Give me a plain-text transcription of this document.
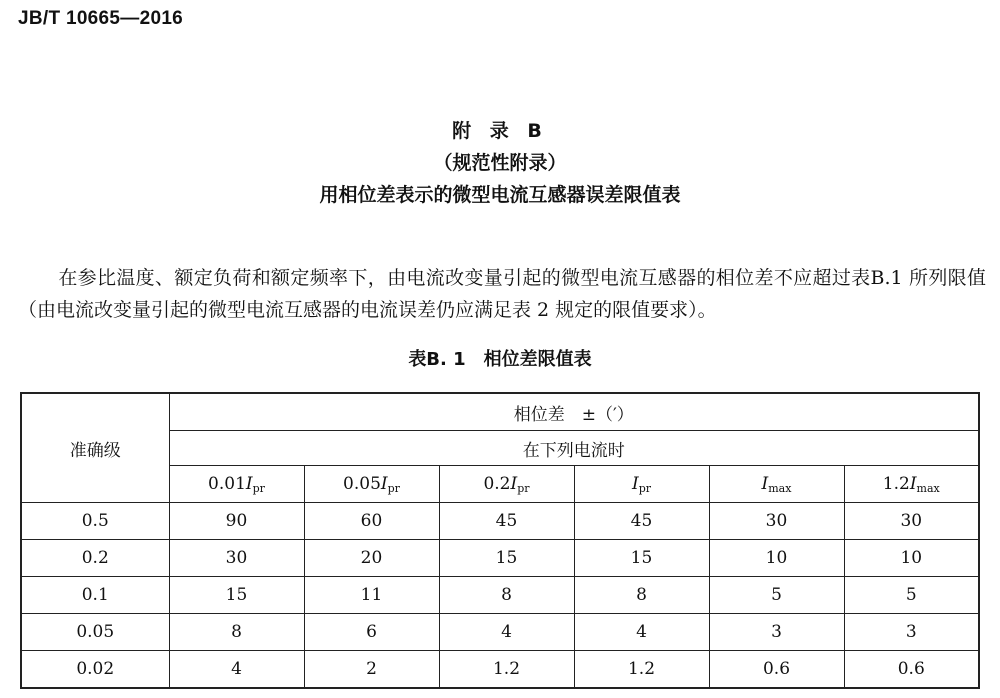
JB/T 10665—2016
附 录 B
（规范性附录）
用相位差表示的微型电流互感器误差限值表
在参比温度、额定负荷和额定频率下，由电流改变量引起的微型电流互感器的相位差不应超过表B.1 所列限值（由电流改变量引起的微型电流互感器的电流误差仍应满足表 2 规定的限值要求）。
表B. 1　相位差限值表
准确级	相位差　±（′）					
	在下列电流时					
	$0.01I_{pr}$	$0.05I_{pr}$	$0.2I_{pr}$	$I_{pr}$	$I_{max}$	$1.2I_{max}$
0.5	90	60	45	45	30	30
0.2	30	20	15	15	10	10
0.1	15	11	8	8	5	5
0.05	8	6	4	4	3	3
0.02	4	2	1.2	1.2	0.6	0.6
